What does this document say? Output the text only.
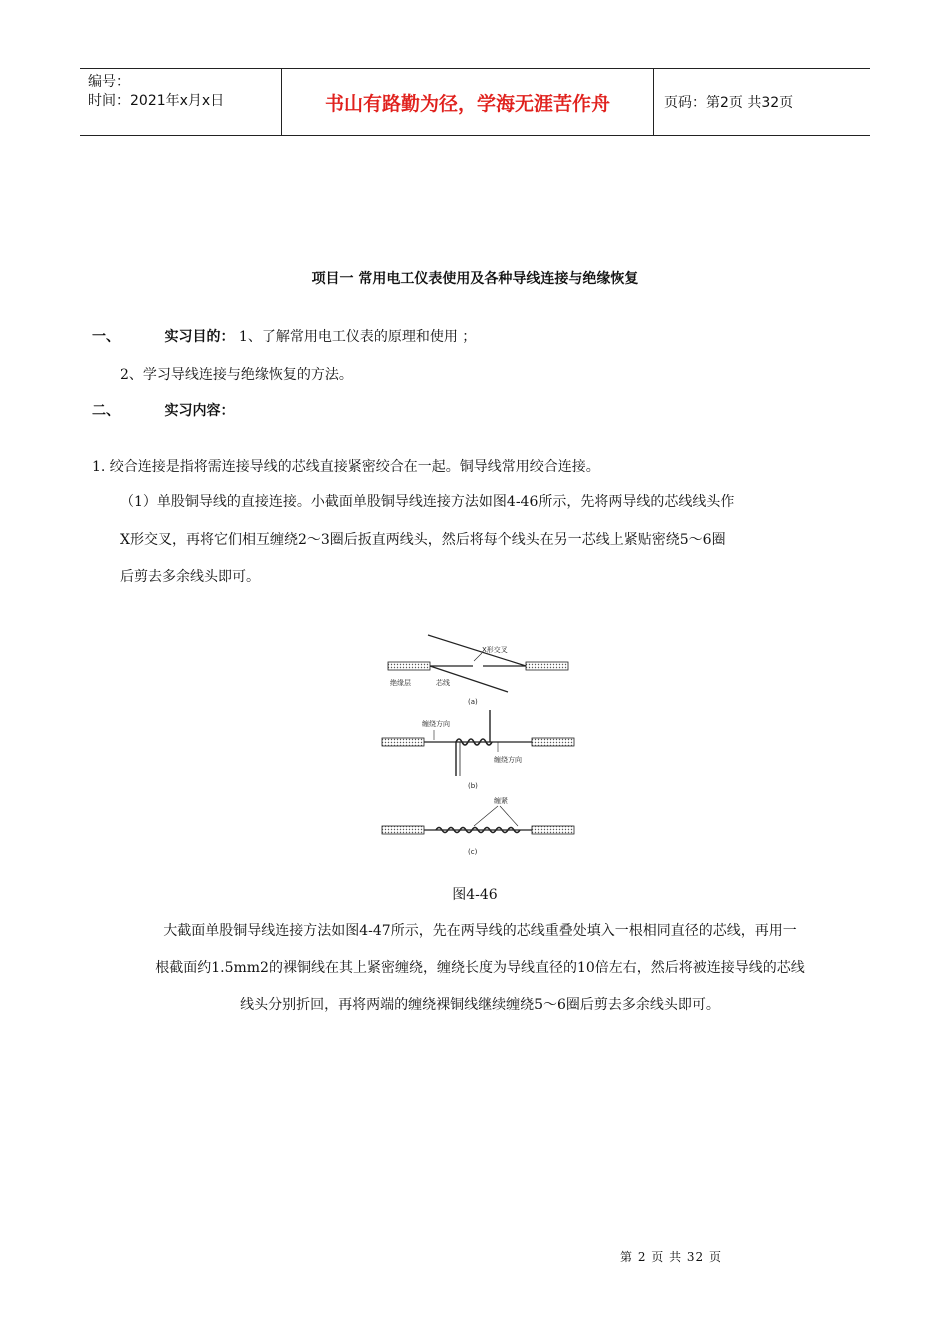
编号：
时间：2021年x月x日	书山有路勤为径，学海无涯苦作舟	页码：第2页 共32页
项目一 常用电工仪表使用及各种导线连接与绝缘恢复
一、	实习目的： 1、了解常用电工仪表的原理和使用 ；
2、学习导线连接与绝缘恢复的方法。
二、	实习内容：
1. 绞合连接是指将需连接导线的芯线直接紧密绞合在一起。铜导线常用绞合连接。
（1）单股铜导线的直接连接。小截面单股铜导线连接方法如图4-46所示，先将两导线的芯线线头作
X形交叉，再将它们相互缠绕2～3圈后扳直两线头，然后将每个线头在另一芯线上紧贴密绕5～6圈
后剪去多余线头即可。
X形交叉
绝缘层	芯线
(a)
缠绕方向
缠绕方向
(b)
缠紧
(c)
图4-46
大截面单股铜导线连接方法如图4-47所示，先在两导线的芯线重叠处填入一根相同直径的芯线，再用一
根截面约1.5mm2的裸铜线在其上紧密缠绕，缠绕长度为导线直径的10倍左右，然后将被连接导线的芯线
线头分别折回，再将两端的缠绕裸铜线继续缠绕5～6圈后剪去多余线头即可。
第 2 页 共 32 页
